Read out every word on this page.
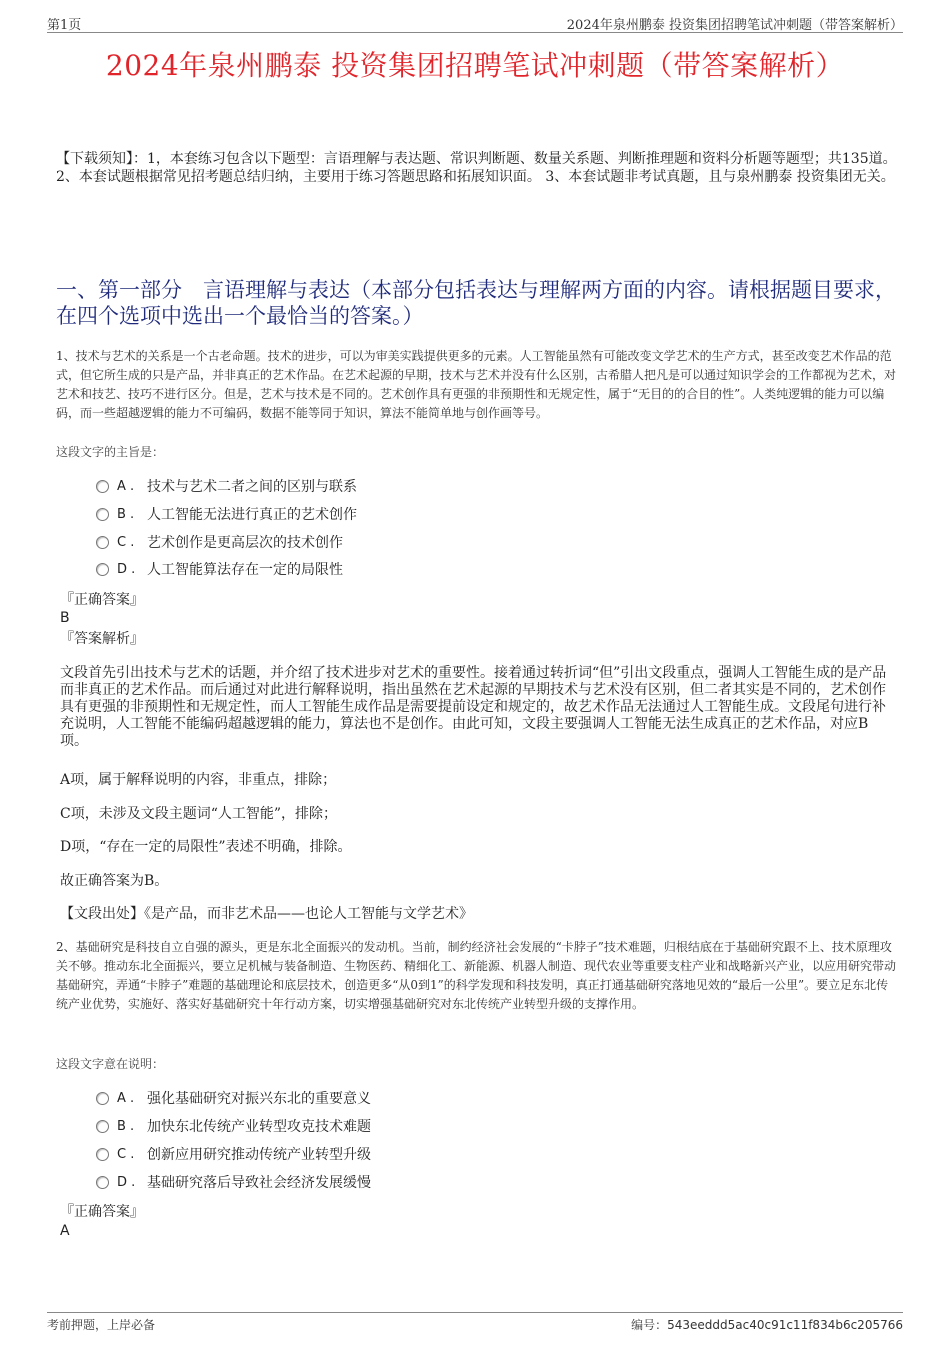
第1页	2024年泉州鹏泰 投资集团招聘笔试冲刺题（带答案解析）
2024年泉州鹏泰 投资集团招聘笔试冲刺题（带答案解析）
【下载须知】：1，本套练习包含以下题型：言语理解与表达题、常识判断题、数量关系题、判断推理题和资料分析题等题型；共135道。 2、本套试题根据常见招考题总结归纳，主要用于练习答题思路和拓展知识面。 3、本套试题非考试真题，且与泉州鹏泰 投资集团无关。
一、第一部分　言语理解与表达（本部分包括表达与理解两方面的内容。请根据题目要求，在四个选项中选出一个最恰当的答案。）
1、技术与艺术的关系是一个古老命题。技术的进步，可以为审美实践提供更多的元素。人工智能虽然有可能改变文学艺术的生产方式，甚至改变艺术作品的范式，但它所生成的只是产品，并非真正的艺术作品。在艺术起源的早期，技术与艺术并没有什么区别，古希腊人把凡是可以通过知识学会的工作都视为艺术，对艺术和技艺、技巧不进行区分。但是，艺术与技术是不同的。艺术创作具有更强的非预期性和无规定性，属于“无目的的合目的性”。人类纯逻辑的能力可以编码，而一些超越逻辑的能力不可编码，数据不能等同于知识，算法不能简单地与创作画等号。
这段文字的主旨是：
A . 技术与艺术二者之间的区别与联系
B . 人工智能无法进行真正的艺术创作
C . 艺术创作是更高层次的技术创作
D . 人工智能算法存在一定的局限性
『正确答案』
B
『答案解析』
文段首先引出技术与艺术的话题，并介绍了技术进步对艺术的重要性。接着通过转折词“但”引出文段重点，强调人工智能生成的是产品而非真正的艺术作品。而后通过对此进行解释说明，指出虽然在艺术起源的早期技术与艺术没有区别，但二者其实是不同的，艺术创作具有更强的非预期性和无规定性，而人工智能生成作品是需要提前设定和规定的，故艺术作品无法通过人工智能生成。文段尾句进行补充说明，人工智能不能编码超越逻辑的能力，算法也不是创作。由此可知，文段主要强调人工智能无法生成真正的艺术作品，对应B项。
A项，属于解释说明的内容，非重点，排除；
C项，未涉及文段主题词“人工智能”，排除；
D项，“存在一定的局限性”表述不明确，排除。
故正确答案为B。
【文段出处】《是产品，而非艺术品——也论人工智能与文学艺术》
2、基础研究是科技自立自强的源头，更是东北全面振兴的发动机。当前，制约经济社会发展的“卡脖子”技术难题，归根结底在于基础研究跟不上、技术原理攻关不够。推动东北全面振兴，要立足机械与装备制造、生物医药、精细化工、新能源、机器人制造、现代农业等重要支柱产业和战略新兴产业，以应用研究带动基础研究，弄通“卡脖子”难题的基础理论和底层技术，创造更多“从0到1”的科学发现和科技发明，真正打通基础研究落地见效的“最后一公里”。要立足东北传统产业优势，实施好、落实好基础研究十年行动方案，切实增强基础研究对东北传统产业转型升级的支撑作用。
这段文字意在说明：
A . 强化基础研究对振兴东北的重要意义
B . 加快东北传统产业转型攻克技术难题
C . 创新应用研究推动传统产业转型升级
D . 基础研究落后导致社会经济发展缓慢
『正确答案』
A
考前押题，上岸必备	编号：543eeddd5ac40c91c11f834b6c205766
